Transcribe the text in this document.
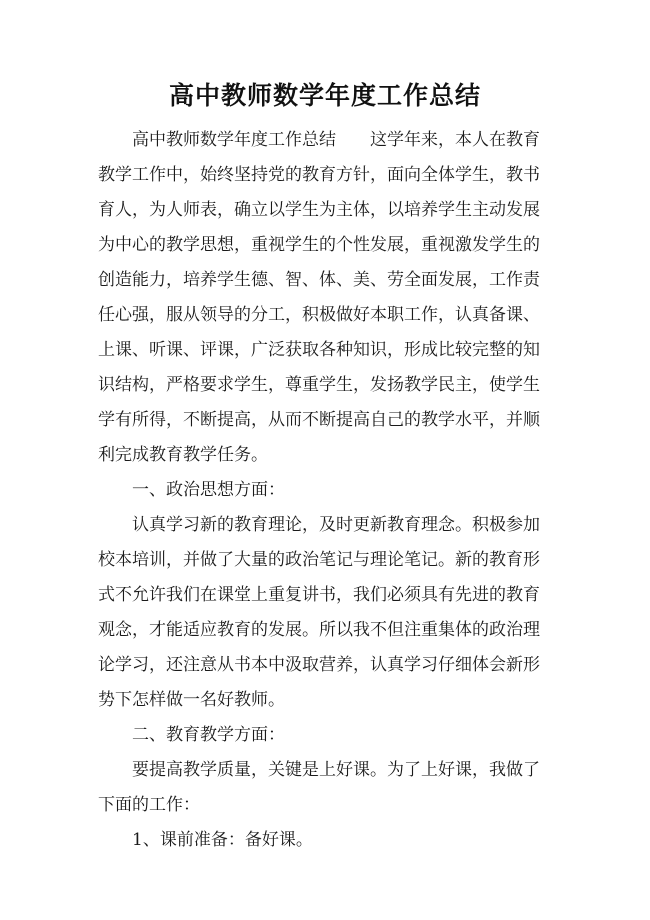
高中教师数学年度工作总结
高中教师数学年度工作总结 这学年来，本人在教育
教学工作中，始终坚持党的教育方针，面向全体学生，教书
育人，为人师表，确立以学生为主体，以培养学生主动发展
为中心的教学思想，重视学生的个性发展，重视激发学生的
创造能力，培养学生德、智、体、美、劳全面发展，工作责
任心强，服从领导的分工，积极做好本职工作，认真备课、
上课、听课、评课，广泛获取各种知识，形成比较完整的知
识结构，严格要求学生，尊重学生，发扬教学民主，使学生
学有所得，不断提高，从而不断提高自己的教学水平，并顺
利完成教育教学任务。
一、政治思想方面：
认真学习新的教育理论，及时更新教育理念。积极参加
校本培训，并做了大量的政治笔记与理论笔记。新的教育形
式不允许我们在课堂上重复讲书，我们必须具有先进的教育
观念，才能适应教育的发展。所以我不但注重集体的政治理
论学习，还注意从书本中汲取营养，认真学习仔细体会新形
势下怎样做一名好教师。
二、教育教学方面：
要提高教学质量，关键是上好课。为了上好课，我做了
下面的工作：
1、课前准备：备好课。
